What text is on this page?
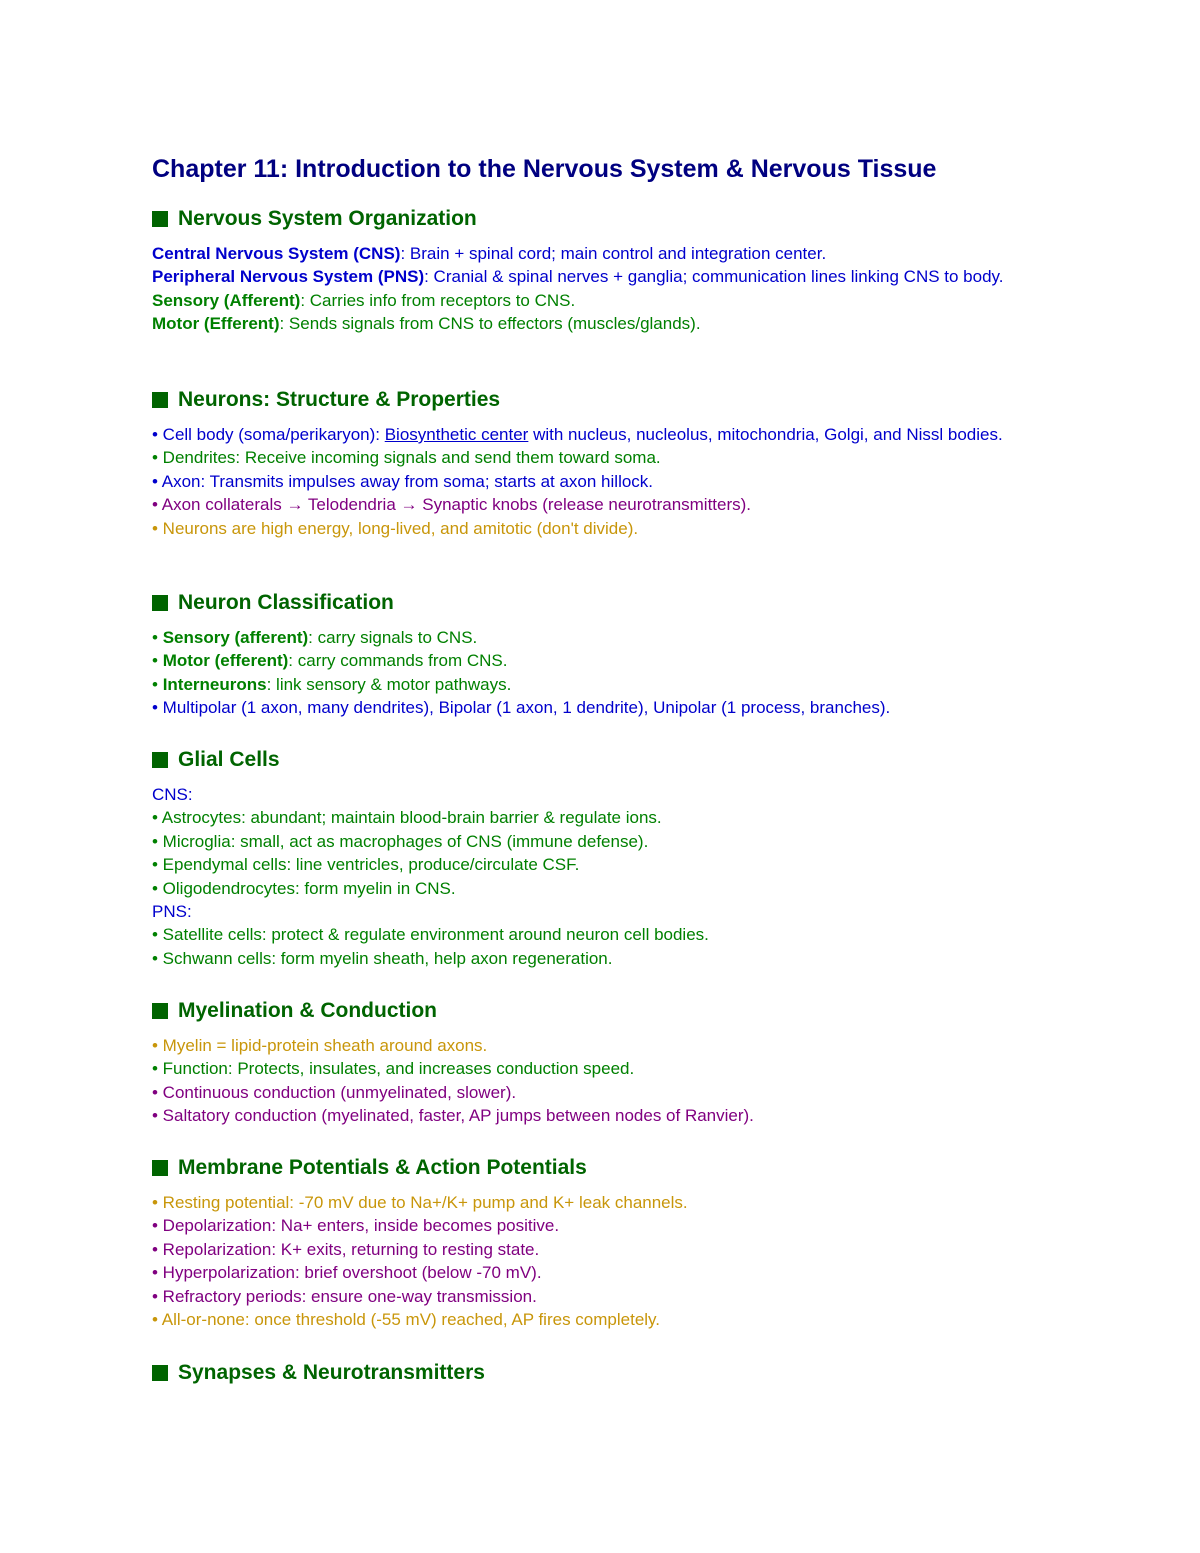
Chapter 11: Introduction to the Nervous System & Nervous Tissue
Nervous System Organization
Central Nervous System (CNS): Brain + spinal cord; main control and integration center.
Peripheral Nervous System (PNS): Cranial & spinal nerves + ganglia; communication lines linking CNS to body.
Sensory (Afferent): Carries info from receptors to CNS.
Motor (Efferent): Sends signals from CNS to effectors (muscles/glands).
Neurons: Structure & Properties
• Cell body (soma/perikaryon): Biosynthetic center with nucleus, nucleolus, mitochondria, Golgi, and Nissl bodies.
• Dendrites: Receive incoming signals and send them toward soma.
• Axon: Transmits impulses away from soma; starts at axon hillock.
• Axon collaterals → Telodendria → Synaptic knobs (release neurotransmitters).
• Neurons are high energy, long-lived, and amitotic (don't divide).
Neuron Classification
• Sensory (afferent): carry signals to CNS.
• Motor (efferent): carry commands from CNS.
• Interneurons: link sensory & motor pathways.
• Multipolar (1 axon, many dendrites), Bipolar (1 axon, 1 dendrite), Unipolar (1 process, branches).
Glial Cells
CNS:
• Astrocytes: abundant; maintain blood-brain barrier & regulate ions.
• Microglia: small, act as macrophages of CNS (immune defense).
• Ependymal cells: line ventricles, produce/circulate CSF.
• Oligodendrocytes: form myelin in CNS.
PNS:
• Satellite cells: protect & regulate environment around neuron cell bodies.
• Schwann cells: form myelin sheath, help axon regeneration.
Myelination & Conduction
• Myelin = lipid-protein sheath around axons.
• Function: Protects, insulates, and increases conduction speed.
• Continuous conduction (unmyelinated, slower).
• Saltatory conduction (myelinated, faster, AP jumps between nodes of Ranvier).
Membrane Potentials & Action Potentials
• Resting potential: -70 mV due to Na+/K+ pump and K+ leak channels.
• Depolarization: Na+ enters, inside becomes positive.
• Repolarization: K+ exits, returning to resting state.
• Hyperpolarization: brief overshoot (below -70 mV).
• Refractory periods: ensure one-way transmission.
• All-or-none: once threshold (-55 mV) reached, AP fires completely.
Synapses & Neurotransmitters
